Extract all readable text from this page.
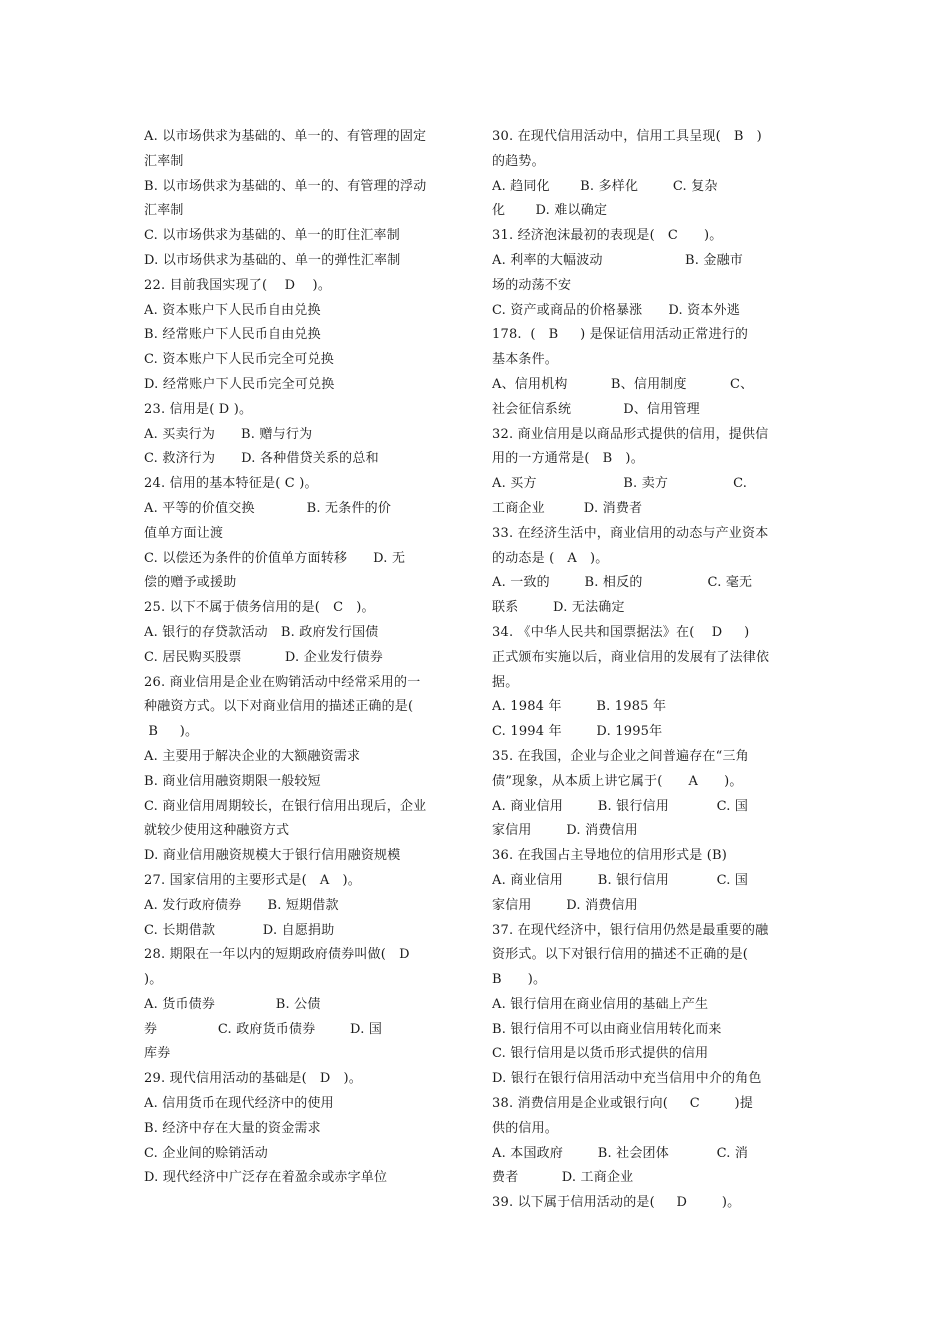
A. 以市场供求为基础的、单一的、有管理的固定
汇率制
B. 以市场供求为基础的、单一的、有管理的浮动
汇率制
C. 以市场供求为基础的、单一的盯住汇率制
D. 以市场供求为基础的、单一的弹性汇率制
22. 目前我国实现了(    D    )。
A. 资本账户下人民币自由兑换
B. 经常账户下人民币自由兑换
C. 资本账户下人民币完全可兑换
D. 经常账户下人民币完全可兑换
23. 信用是( D )。
A. 买卖行为      B. 赠与行为
C. 救济行为      D. 各种借贷关系的总和
24. 信用的基本特征是( C )。
A. 平等的价值交换            B. 无条件的价
值单方面让渡
C. 以偿还为条件的价值单方面转移      D. 无
偿的赠予或援助
25. 以下不属于债务信用的是(   C   )。
A. 银行的存贷款活动   B. 政府发行国债
C. 居民购买股票          D. 企业发行债券
26. 商业信用是企业在购销活动中经常采用的一
种融资方式。以下对商业信用的描述正确的是(
B     )。
A. 主要用于解决企业的大额融资需求
B. 商业信用融资期限一般较短
C. 商业信用周期较长，在银行信用出现后，企业
就较少使用这种融资方式
D. 商业信用融资规模大于银行信用融资规模
27. 国家信用的主要形式是(   A   )。
A. 发行政府债券      B. 短期借款
C. 长期借款           D. 自愿捐助
28. 期限在一年以内的短期政府债券叫做(   D
)。
A. 货币债券              B. 公债
券              C. 政府货币债券        D. 国
库券
29. 现代信用活动的基础是(   D   )。
A. 信用货币在现代经济中的使用
B. 经济中存在大量的资金需求
C. 企业间的赊销活动
D. 现代经济中广泛存在着盈余或赤字单位
30. 在现代信用活动中，信用工具呈现(   B   )
的趋势。
A. 趋同化       B. 多样化        C. 复杂
化       D. 难以确定
31. 经济泡沫最初的表现是(   C      )。
A. 利率的大幅波动                   B. 金融市
场的动荡不安
C. 资产或商品的价格暴涨      D. 资本外逃
178.  (   B     ) 是保证信用活动正常进行的
基本条件。
A、信用机构          B、信用制度          C、
社会征信系统            D、信用管理
32. 商业信用是以商品形式提供的信用，提供信
用的一方通常是(   B   )。
A. 买方                    B. 卖方               C.
工商企业         D. 消费者
33. 在经济生活中，商业信用的动态与产业资本
的动态是 (   A   )。
A. 一致的        B. 相反的               C. 毫无
联系        D. 无法确定
34. 《中华人民共和国票据法》在(    D     )
正式颁布实施以后，商业信用的发展有了法律依
据。
A. 1984 年        B. 1985 年
C. 1994 年        D. 1995年
35. 在我国，企业与企业之间普遍存在“三角
债”现象，从本质上讲它属于(      A      )。
A. 商业信用        B. 银行信用           C. 国
家信用        D. 消费信用
36. 在我国占主导地位的信用形式是 (B)
A. 商业信用        B. 银行信用           C. 国
家信用        D. 消费信用
37. 在现代经济中，银行信用仍然是最重要的融
资形式。以下对银行信用的描述不正确的是(
B      )。
A. 银行信用在商业信用的基础上产生
B. 银行信用不可以由商业信用转化而来
C. 银行信用是以货币形式提供的信用
D. 银行在银行信用活动中充当信用中介的角色
38. 消费信用是企业或银行向(     C        )提
供的信用。
A. 本国政府        B. 社会团体           C. 消
费者          D. 工商企业
39. 以下属于信用活动的是(     D        )。
